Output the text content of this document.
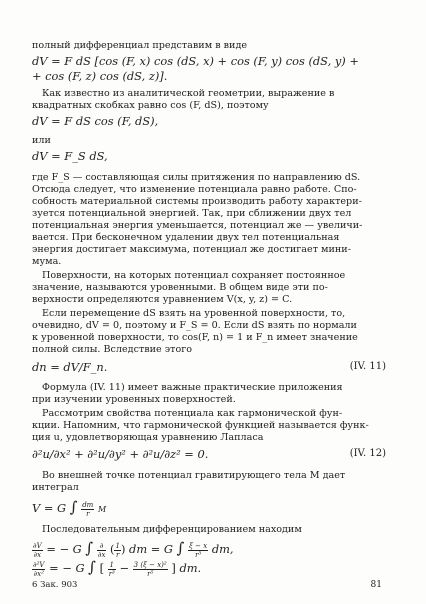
полный дифференциал представим в виде
dV = F dS [cos (F, x) cos (dS, x) + cos (F, y) cos (dS, y) +
+ cos (F, z) cos (dS, z)].
Как известно из аналитической геометрии, выражение в
квадратных скобках равно cos (F, dS), поэтому
dV = F dS cos (F, dS),
или
dV = F_S dS,
где F_S — составляющая силы притяжения по направлению dS.
Отсюда следует, что изменение потенциала равно работе. Спо-
собность материальной системы производить работу характери-
зуется потенциальной энергией. Так, при сближении двух тел
потенциальная энергия уменьшается, потенциал же — увеличи-
вается. При бесконечном удалении двух тел потенциальная
энергия достигает максимума, потенциал же достигает мини-
мума.
Поверхности, на которых потенциал сохраняет постоянное
значение, называются уровенными. В общем виде эти по-
верхности определяются уравнением V(x, y, z) = C.
Если перемещение dS взять на уровенной поверхности, то,
очевидно, dV = 0, поэтому и F_S = 0. Если dS взять по нормали
к уровенной поверхности, то cos(F, n) = 1 и F_n имеет значение
полной силы. Вследствие этого
dn = dV/F_n.	(IV. 11)
Формула (IV. 11) имеет важные практические приложения
при изучении уровенных поверхностей.
Рассмотрим свойства потенциала как гармонической фун-
кции. Напомним, что гармонической функцией называется функ-
ция u, удовлетворяющая уравнению Лапласа
∂²u/∂x² + ∂²u/∂y² + ∂²u/∂z² = 0.	(IV. 12)
Во внешней точке потенциал гравитирующего тела M дает
интеграл
V = G ∫ $\frac{dm}{r}$ M
Последовательным дифференцированием находим
$\frac{\partial V}{\partial x}$ = − G ∫ $\frac{\partial}{\partial x}$ ( $\frac{1}{r}$ ) dm = G ∫ $\frac{\xi - x}{\text{r³}}$ dm,
$\frac{\text{∂²V}}{\text{∂x²}}$ = − G ∫ [ $\frac{1}{\text{r³}} - \frac{\text{3 (ξ − x)²}}{\text{r⁵}}$ ] dm.
6 Зак. 903	81
